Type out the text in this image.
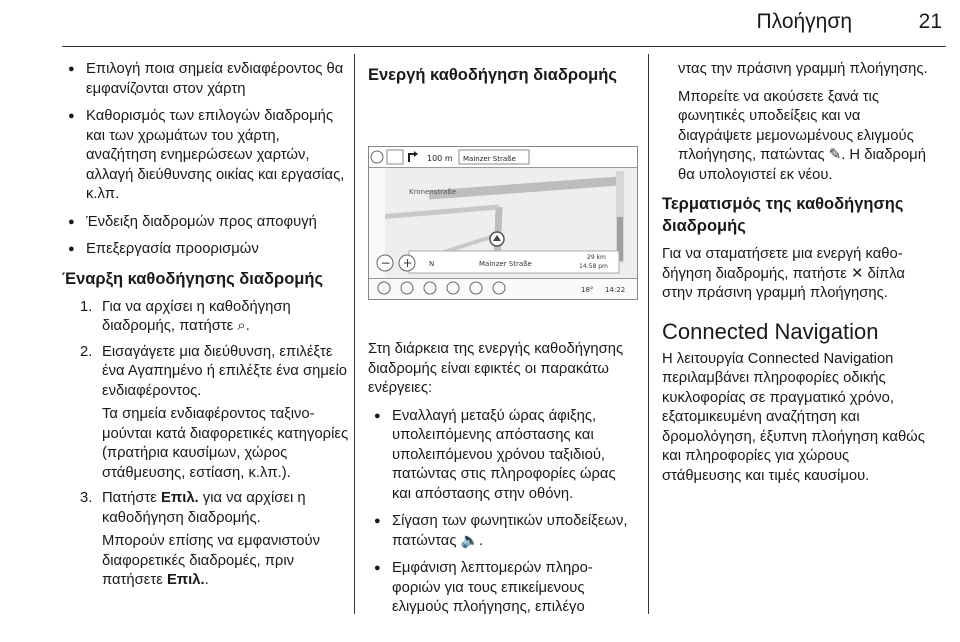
Πλοήγηση	21
● Επιλογή ποια σημεία ενδιαφέροντος θα εμφανίζονται στον χάρτη
● Καθορισμός των επιλογών διαδρομής και των χρωμάτων του χάρτη, αναζήτηση ενημερώσεων χαρτών, αλλαγή διεύθυνσης οικίας και εργασίας, κ.λπ.
● Ένδειξη διαδρομών προς αποφυγή
● Επεξεργασία προορισμών
Έναρξη καθοδήγησης διαδρομής
1. Για να αρχίσει η καθοδήγηση διαδρομής, πατήστε ⌕.
2. Εισαγάγετε μια διεύθυνση, επιλέξτε ένα Αγαπημένο ή επιλέξτε ένα σημείο ενδιαφέροντος.
Τα σημεία ενδιαφέροντος ταξινομούνται κατά διαφορετικές κατηγορίες (πρατήρια καυσίμων, χώρος στάθμευσης, εστίαση, κ.λπ.).
3. Πατήστε Επιλ. για να αρχίσει η καθοδήγηση διαδρομής.
Μπορούν επίσης να εμφανιστούν διαφορετικές διαδρομές, πριν πατήσετε Επιλ..
Ενεργή καθοδήγηση διαδρομής
− +
100 m Mainzer Straße
Kronenstraße
N	Mainzer Straße
29 km
14:58 pm
18° 14:22

Στη διάρκεια της ενεργής καθοδήγησης διαδρομής είναι εφικτές οι παρακάτω ενέργειες:

● Εναλλαγή μεταξύ ώρας άφιξης, υπολειπόμενης απόστασης και υπολειπόμενου χρόνου ταξιδιού, πατώντας στις πληροφορίες ώρας και απόστασης στην οθόνη.
● Σίγαση των φωνητικών υποδείξεων, πατώντας 🔈.
● Εμφάνιση λεπτομερών πληροφοριών για τους επικείμενους ελιγμούς πλοήγησης, επιλέγο

ντας την πράσινη γραμμή πλοήγησης.

Μπορείτε να ακούσετε ξανά τις φωνητικές υποδείξεις και να διαγράψετε μεμονωμένους ελιγμούς πλοήγησης, πατώντας ✎. Η διαδρομή θα υπολογιστεί εκ νέου.

Τερματισμός της καθοδήγησης διαδρομής

Για να σταματήσετε μια ενεργή καθοδήγηση διαδρομής, πατήστε ✕ δίπλα στην πράσινη γραμμή πλοήγησης.

Connected Navigation

Η λειτουργία Connected Navigation περιλαμβάνει πληροφορίες οδικής κυκλοφορίας σε πραγματικό χρόνο, εξατομικευμένη αναζήτηση και δρομολόγηση, έξυπνη πλοήγηση καθώς και πληροφορίες για χώρους στάθμευσης και τιμές καυσίμου.
